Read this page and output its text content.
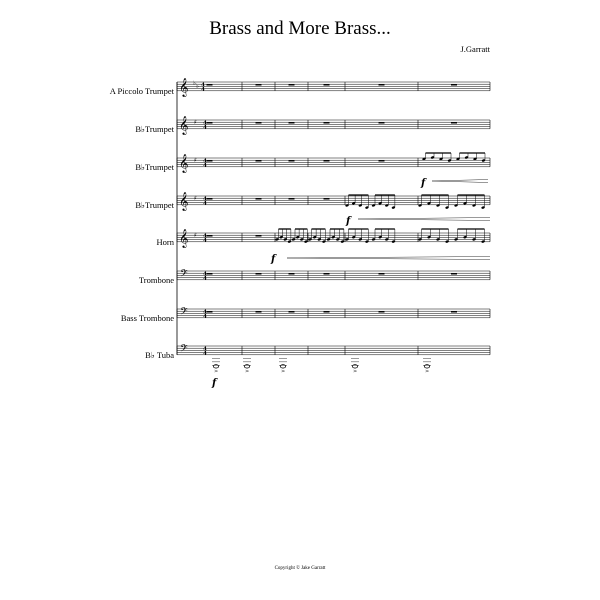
Brass and More Brass...
J.Garratt
A Piccolo Trumpet
B♭Trumpet
B♭Trumpet
B♭Trumpet
Horn
Trombone
Bass Trombone
B♭ Tuba
𝄞 ♭ ♭ 4
4
𝄞 ♯ 4
4
𝄞 ♯ 4
4
𝄞 ♯ 4
4
𝄞 ♯ 4
4
𝄢	4
4
𝄢	4
4
𝄢	4
4
f
f
f
>	>	>	>	>
f
Copyright © Jake Garratt
